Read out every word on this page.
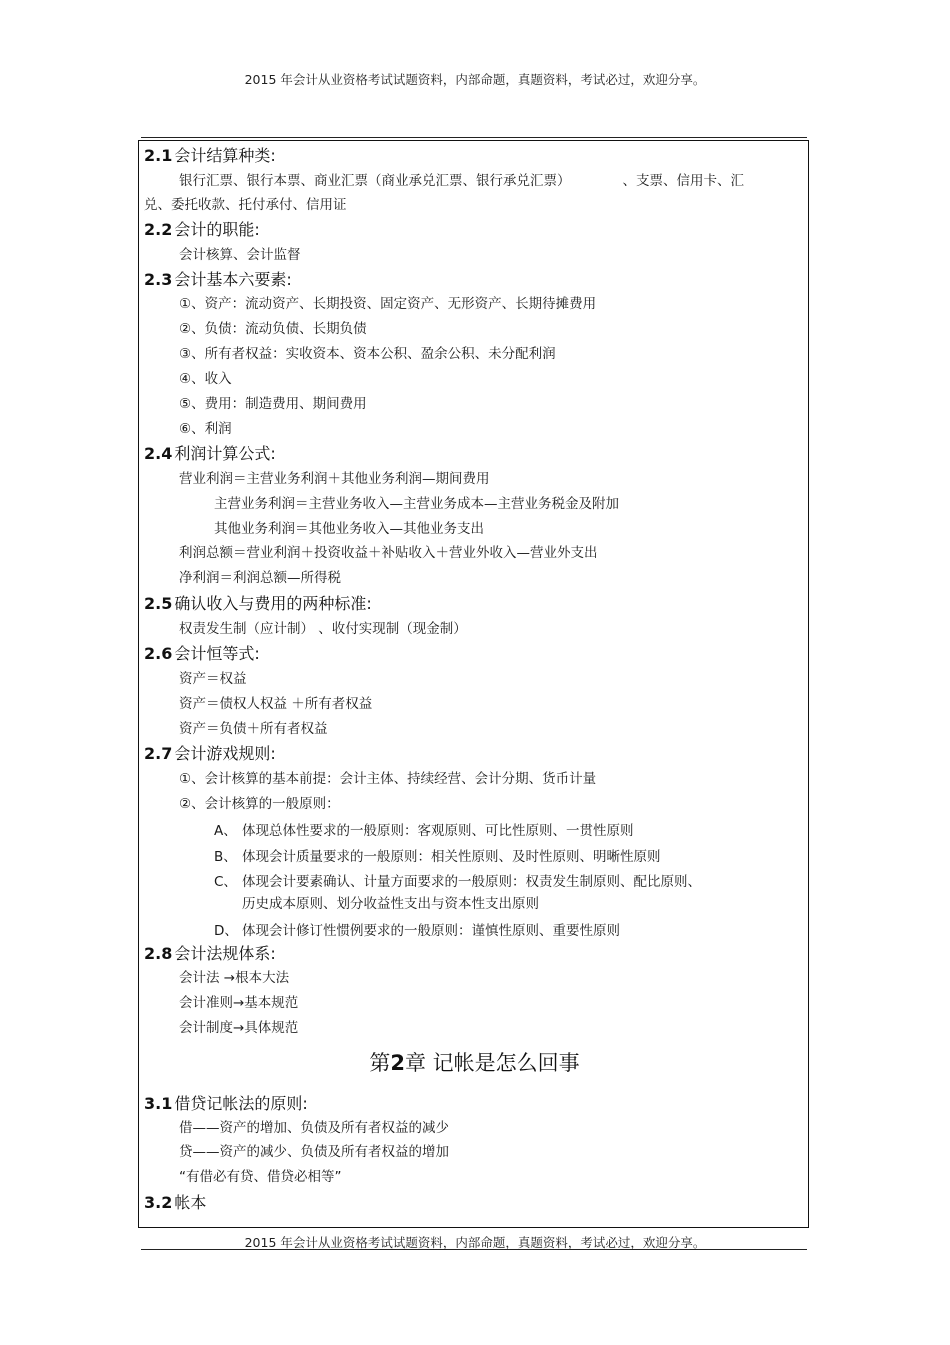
2015 年会计从业资格考试试题资料，内部命题，真题资料，考试必过，欢迎分享。
2.1 会计结算种类:
银行汇票、银行本票、商业汇票（商业承兑汇票、银行承兑汇票）	、支票、信用卡、汇
兑、委托收款、托付承付、信用证
2.2 会计的职能:
会计核算、会计监督
2.3 会计基本六要素:
①、资产：流动资产、长期投资、固定资产、无形资产、长期待摊费用
②、负债：流动负债、长期负债
③、所有者权益：实收资本、资本公积、盈余公积、未分配利润
④、收入
⑤、费用：制造费用、期间费用
⑥、利润
2.4 利润计算公式:
营业利润＝主营业务利润＋其他业务利润—期间费用
主营业务利润＝主营业务收入—主营业务成本—主营业务税金及附加
其他业务利润＝其他业务收入—其他业务支出
利润总额＝营业利润＋投资收益＋补贴收入＋营业外收入—营业外支出
净利润＝利润总额—所得税
2.5 确认收入与费用的两种标准:
权责发生制（应计制） 、收付实现制（现金制）
2.6 会计恒等式:
资产＝权益
资产＝债权人权益 ＋所有者权益
资产＝负债＋所有者权益
2.7 会计游戏规则:
①、会计核算的基本前提：会计主体、持续经营、会计分期、货币计量
②、会计核算的一般原则：
A、 体现总体性要求的一般原则：客观原则、可比性原则、一贯性原则
B、 体现会计质量要求的一般原则：相关性原则、及时性原则、明晰性原则
C、 体现会计要素确认、计量方面要求的一般原则：权责发生制原则、配比原则、
历史成本原则、划分收益性支出与资本性支出原则
D、 体现会计修订性惯例要求的一般原则：谨慎性原则、重要性原则
2.8 会计法规体系:
会计法 →根本大法
会计准则→基本规范
会计制度→具体规范
第2章 记帐是怎么回事
3.1 借贷记帐法的原则:
借——资产的增加、负债及所有者权益的减少
贷——资产的减少、负债及所有者权益的增加
“有借必有贷、借贷必相等”
3.2 帐本
2015 年会计从业资格考试试题资料，内部命题，真题资料，考试必过，欢迎分享。
